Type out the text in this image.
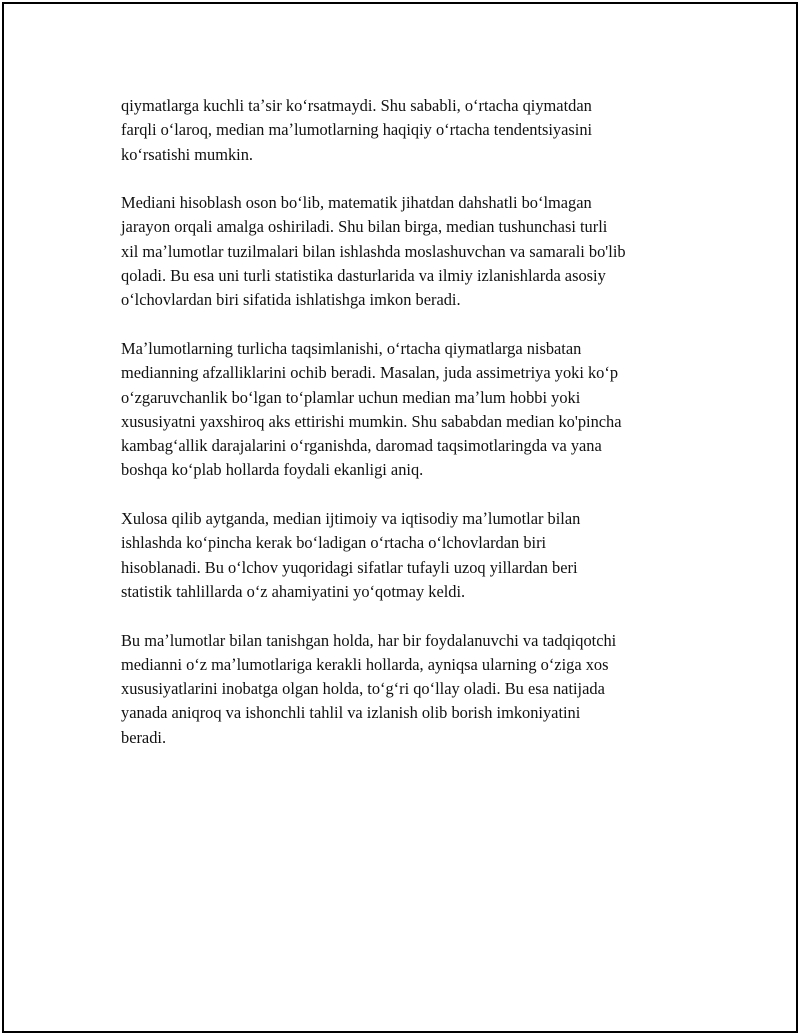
qiymatlarga kuchli taʼsir koʻrsatmaydi. Shu sababli, oʻrtacha qiymatdan
farqli oʻlaroq, median maʼlumotlarning haqiqiy oʻrtacha tendentsiyasini
koʻrsatishi mumkin.

Mediani hisoblash oson boʻlib, matematik jihatdan dahshatli boʻlmagan
jarayon orqali amalga oshiriladi. Shu bilan birga, median tushunchasi turli
xil maʼlumotlar tuzilmalari bilan ishlashda moslashuvchan va samarali bo'lib
qoladi. Bu esa uni turli statistika dasturlarida va ilmiy izlanishlarda asosiy
oʻlchovlardan biri sifatida ishlatishga imkon beradi.

Maʼlumotlarning turlicha taqsimlanishi, oʻrtacha qiymatlarga nisbatan
medianning afzalliklarini ochib beradi. Masalan, juda assimetriya yoki koʻp
oʻzgaruvchanlik boʻlgan toʻplamlar uchun median maʼlum hobbi yoki
xususiyatni yaxshiroq aks ettirishi mumkin. Shu sababdan median ko'pincha
kambagʻallik darajalarini oʻrganishda, daromad taqsimotlaringda va yana
boshqa koʻplab hollarda foydali ekanligi aniq.

Xulosa qilib aytganda, median ijtimoiy va iqtisodiy maʼlumotlar bilan
ishlashda koʻpincha kerak boʻladigan oʻrtacha oʻlchovlardan biri
hisoblanadi. Bu oʻlchov yuqoridagi sifatlar tufayli uzoq yillardan beri
statistik tahlillarda oʻz ahamiyatini yoʻqotmay keldi.

Bu maʼlumotlar bilan tanishgan holda, har bir foydalanuvchi va tadqiqotchi
medianni oʻz maʼlumotlariga kerakli hollarda, ayniqsa ularning oʻziga xos
xususiyatlarini inobatga olgan holda, toʻgʻri qoʻllay oladi. Bu esa natijada
yanada aniqroq va ishonchli tahlil va izlanish olib borish imkoniyatini
beradi.
